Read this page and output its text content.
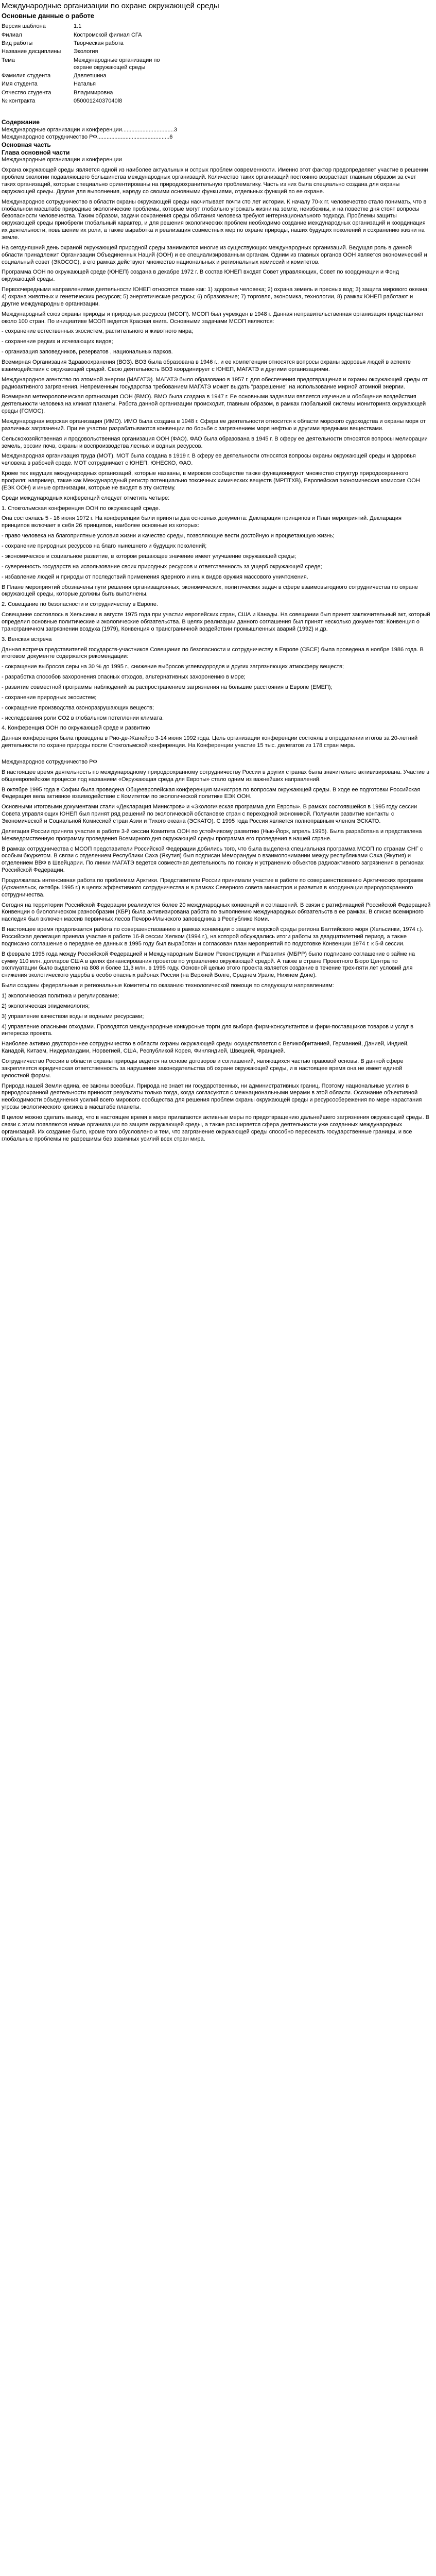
Международные организации по охране окружающей среды
Основные данные о работе
Версия шаблона	1.1
Филиал	Костромской филиал СГА
Вид работы	Творческая работа
Название дисциплины	Экология
Тема	Международные организации по охране окружающей среды
Фамилия студента	Давлетшина
Имя студента	Наталья
Отчество студента	Владимировна
№ контракта	05000124037040l8
Содержание
Международные организации и конференции.................................3
Международное сотрудничество РФ..............................................6
Основная часть
Глава основной части

Международные организации и конференции

Охрана окружающей среды является одной из наиболее актуальных и острых проблем современности. Именно этот фактор предопределяет участие в решении проблем экологии подавляющего большинства международных организаций. Количество таких организаций постоянно возрастает главным образом за счет таких организаций, которые специально ориентированы на природоохранительную проблематику. Часть из них была специально создана для охраны окружающей среды. Другие для выполнения, наряду со своими основными функциями, отдельных функций по ее охране.

Международное сотрудничество в области охраны окружающей среды насчитывает почти сто лет истории. К началу 70-х гг. человечество стало понимать, что в глобальном масштабе природные экологические проблемы, которые могут глобально угрожать жизни на земле, неизбежны, и на повестке дня стоят вопросы безопасности человечества. Таким образом, задачи сохранения среды обитания человека требуют интернационального подхода. Проблемы защиты окружающей среды приобрели глобальный характер, и для решения экологических проблем необходимо создание международных организаций и координация их деятельности, повышение их роли, а также выработка и реализация совместных мер по охране природы, наших будущих поколений и сохранению жизни на земле.

На сегодняшний день охраной окружающей природной среды занимаются многие из существующих международных организаций. Ведущая роль в данной области принадлежит Организации Объединенных Наций (ООН) и ее специализированным органам. Одним из главных органов ООН является экономический и социальный совет (ЭКОСОС), в его рамках действуют множество национальных и региональных комиссий и комитетов.

Программа ООН по окружающей среде (ЮНЕП) создана в декабре 1972 г. В состав ЮНЕП входят Совет управляющих, Совет по координации и Фонд окружающей среды.

Первоочередными направлениями деятельности ЮНЕП относятся такие как: 1) здоровье человека; 2) охрана земель и пресных вод; 3) защита мирового океана; 4) охрана животных и генетических ресурсов; 5) энергетические ресурсы; 6) образование; 7) торговля, экономика, технологии, 8) рамках ЮНЕП работают и другие международные организации.

Международный союз охраны природы и природных ресурсов (МСОП). МСОП был учрежден в 1948 г. Данная неправительственная организация представляет около 100 стран. По инициативе МСОП ведется Красная книга. Основными задачами МСОП являются:

- сохранение естественных экосистем, растительного и животного мира;

- сохранение редких и исчезающих видов;

- организация заповедников, резерватов , национальных парков.

Всемирная Организация Здравоохранения (ВОЗ). ВОЗ была образована в 1946 г., и ее компетенции относятся вопросы охраны здоровья людей в аспекте взаимодействия с окружающей средой. Свою деятельность ВОЗ координирует с ЮНЕП, МАГАТЭ и другими организациями.

Международное агентство по атомной энергии (МАГАТЭ). МАГАТЭ было образовано в 1957 г. для обеспечения предотвращения и охраны окружающей среды от радиоактивного загрязнения. Непременным государства требованием МАГАТЭ может выдать "разрешение" на использование мирной атомной энергии.

Всемирная метеорологическая организация ООН (ВМО). ВМО была создана в 1947 г. Ее основными задачами является изучение и обобщение воздействия деятельности человека на климат планеты. Работа данной организации происходит, главным образом, в рамках глобальной системы мониторинга окружающей среды (ГСМОС).

Международная морская организация (ИМО). ИМО была создана в 1948 г. Сфера ее деятельности относится к области морского судоходства и охраны моря от различных загрязнений. При ее участии разрабатываются конвенции по борьбе с загрязнением моря нефтью и другими вредными веществами.

Сельскохозяйственная и продовольственная организация ООН (ФАО). ФАО была образована в 1945 г. В сферу ее деятельности относятся вопросы мелиорации земель, эрозии почв, охраны и воспроизводства лесных и водных ресурсов.

Международная организация труда (МОТ). МОТ была создана в 1919 г. В сферу ее деятельности относятся вопросы охраны окружающей среды и здоровья человека в рабочей среде. МОТ сотрудничает с ЮНЕП, ЮНЕСКО, ФАО.

Кроме тех ведущих международных организаций, которые названы, в мировом сообществе также функционируют множество структур природоохранного профиля: например, такие как Международный регистр потенциально токсичных химических веществ (МРПТХВ), Европейская экономическая комиссия ООН (ЕЭК ООН) и иные организации, которые не входят в эту систему.

Среди международных конференций следует отметить четыре:

1. Стокгольмская конференция ООН по окружающей среде.

Она состоялась 5 - 16 июня 1972 г. На конференции были приняты два основных документа: Декларация принципов и План мероприятий. Декларация принципов включает в себя 26 принципов, наиболее основные из которых:

- право человека на благоприятные условия жизни и качество среды, позволяющие вести достойную и процветающую жизнь;

- сохранение природных ресурсов на благо нынешнего и будущих поколений;

- экономическое и социальное развитие, в котором решающее значение имеет улучшение окружающей среды;

- суверенность государств на использование своих природных ресурсов и ответственность за ущерб окружающей среде;

- избавление людей и природы от последствий применения ядерного и иных видов оружия массового уничтожения.

В Плане мероприятий обозначены пути решения организационных, экономических, политических задач в сфере взаимовыгодного сотрудничества по охране окружающей среды, которые должны быть выполнены.

2. Совещание по безопасности и сотрудничеству в Европе.

Совещание состоялось в Хельсинки в августе 1975 года при участии европейских стран, США и Канады. На совещании был принят заключительный акт, который определил основные политические и экологические обязательства. В целях реализации данного соглашения был принят несколько документов: Конвенция о трансграничном загрязнении воздуха (1979), Конвенция о трансграничной воздействии промышленных аварий (1992) и др.

3. Венская встреча

Данная встреча представителей государств-участников Совещания по безопасности и сотрудничеству в Европе (СБСЕ) была проведена в ноябре 1986 года. В итоговом документе содержатся рекомендации:

- сокращение выбросов серы на 30 % до 1995 г., снижение выбросов углеводородов и других загрязняющих атмосферу веществ;

- разработка способов захоронения опасных отходов, альтернативных захоронению в море;

- развитие совместной программы наблюдений за распространением загрязнения на большие расстояния в Европе (ЕМЕП);

- сохранение природных экосистем;

- сокращение производства озоноразрушающих веществ;

- исследования роли СО2 в глобальном потеплении климата.

4. Конференция ООН по окружающей среде и развитию

Данная конференция была проведена в Рио-де-Жанейро 3-14 июня 1992 года. Цель организации конференции состояла в определении итогов за 20-летний деятельности по охране природы после Стокгольмской конференции. На Конференции участие 15 тыс. делегатов из 178 стран мира.

Международное сотрудничество РФ

В настоящее время деятельность по международному природоохранному сотрудничеству России в других странах была значительно активизирована. Участие в общеевропейском процессе под названием «Окружающая среда для Европы» стало одним из важнейших направлений.

В октябре 1995 года в Софии была проведена Общеевропейская конференция министров по вопросам окружающей среды. В ходе ее подготовки Российская Федерация вела активное взаимодействие с Комитетом по экологической политике ЕЭК ООН.

Основными итоговыми документами стали «Декларация Министров» и «Экологическая программа для Европы». В рамках состоявшейся в 1995 году сессии Совета управляющих ЮНЕП был принят ряд решений по экологической обстановке стран с переходной экономикой. Получили развитие контакты с Экономической и Социальной Комиссией стран Азии и Тихого океана (ЭСКАТО). С 1995 года Россия является полноправным членом ЭСКАТО.

Делегация России приняла участие в работе 3-й сессии Комитета ООН по устойчивому развитию (Нью-Йорк, апрель 1995). Была разработана и представлена Межведомственную программу проведения Всемирного дня окружающей среды программа его проведения в нашей стране.

В рамках сотрудничества с МСОП представители Российской Федерации добились того, что была выделена специальная программа МСОП по странам СНГ с особым бюджетом. В связи с отделением Республики Саха (Якутия) был подписан Меморандум о взаимопонимании между республиками Саха (Якутия) и отделением ВВФ в Швейцарии. По линии МАГАТЭ ведется совместная деятельность по поиску и устранению объектов радиоактивного загрязнения в регионах Российской Федерации.

Продолжалась интенсивная работа по проблемам Арктики. Представители России принимали участие в работе по совершенствованию Арктических программ (Архангельск, октябрь 1995 г.) в целях эффективного сотрудничества и в рамках Северного совета министров и развития в координации природоохранного сотрудничества.

Сегодня на территории Российской Федерации реализуется более 20 международных конвенций и соглашений. В связи с ратификацией Российской Федерацией Конвенции о биологическом разнообразии (КБР) была активизирована работа по выполнению международных обязательств в ее рамках. В списке всемирного наследия был включен массив первичных лесов Печоро-Илычского заповедника в Республике Коми.

В настоящее время продолжается работа по совершенствованию в рамках конвенции о защите морской среды региона Балтийского моря (Хельсинки, 1974 г.). Российская делегация приняла участие в работе 16-й сессии Хелком (1994 г.), на которой обсуждались итоги работы за двадцатилетний период, а также подписано соглашение о передаче ее данных в 1995 году был выработан и согласован план мероприятий по подготовке Конвенции 1974 г. к 5-й сессии.

В феврале 1995 года между Российской Федерацией и Международным Банком Реконструкции и Развития (МБРР) было подписано соглашение о займе на сумму 110 млн. долларов США в целях финансирования проектов по управлению окружающей средой. А также в стране Проектного Бюро Центра по эксплуатации было выделено на 808 и более 11,3 млн. в 1995 году. Основной целью этого проекта является создание в течение трех-пяти лет условий для снижения экологического ущерба в особо опасных районах России (на Верхней Волге, Среднем Урале, Нижнем Доне).

Были созданы федеральные и региональные Комитеты по оказанию технологической помощи по следующим направлениям:

1) экологическая политика и регулирование;

2) экологическая эпидемиология;

3) управление качеством воды и водными ресурсами;

4) управление опасными отходами. Проводятся международные конкурсные торги для выбора фирм-консультантов и фирм-поставщиков товаров и услуг в интересах проекта.

Наиболее активно двустороннее сотрудничество в области охраны окружающей среды осуществляется с Великобританией, Германией, Данией, Индией, Канадой, Китаем, Нидерландами, Норвегией, США, Республикой Корея, Финляндией, Швецией, Францией.

Сотрудничество России в области охраны природы ведется на основе договоров и соглашений, являющихся частью правовой основы. В данной сфере закрепляется юридическая ответственность за нарушение законодательства об охране окружающей среды, и в настоящее время она не имеет единой целостной формы.

Природа нашей Земли едина, ее законы всеобщи. Природа не знает ни государственных, ни административных границ. Поэтому национальные усилия в природоохранной деятельности приносят результаты только тогда, когда согласуются с межнациональными мерами в этой области. Осознание объективной необходимости объединения усилий всего мирового сообщества для решения проблем охраны окружающей среды и ресурсосбережения по мере нарастания угрозы экологического кризиса в масштабе планеты.

В целом можно сделать вывод, что в настоящее время в мире прилагаются активные меры по предотвращению дальнейшего загрязнения окружающей среды. В связи с этим появляются новые организации по защите окружающей среды, а также расширяется сфера деятельности уже созданных международных организаций. Их создание было, кроме того обусловлено и тем, что загрязнение окружающей среды способно пересекать государственные границы, и все глобальные проблемы не разрешимы без взаимных усилий всех стран мира.
